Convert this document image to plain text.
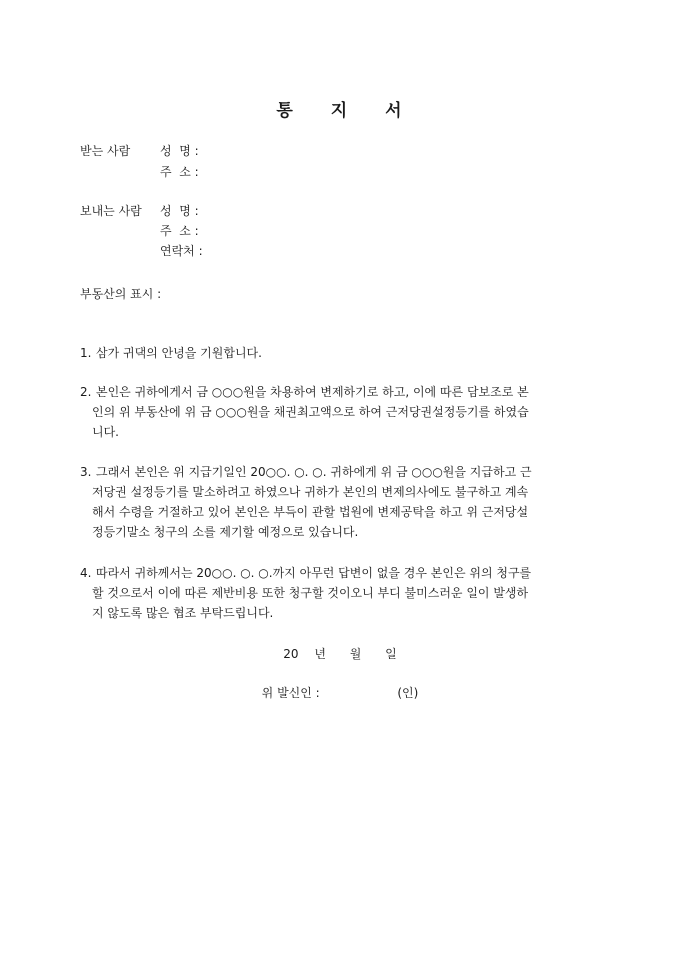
통 지 서
받는 사람 성  명 :
주  소 :
보내는 사람 성  명 :
주  소 :
연락처 :
부동산의 표시 :
1. 삼가 귀댁의 안녕을 기원합니다.
2. 본인은 귀하에게서 금 ○○○원을 차용하여 변제하기로 하고, 이에 따른 담보조로 본
인의 위 부동산에 위 금 ○○○원을 채권최고액으로 하여 근저당권설정등기를 하였습
니다.
3. 그래서 본인은 위 지급기일인 20○○. ○. ○. 귀하에게 위 금 ○○○원을 지급하고 근
저당권 설정등기를 말소하려고 하였으나 귀하가 본인의 변제의사에도 불구하고 계속
해서 수령을 거절하고 있어 본인은 부득이 관할 법원에 변제공탁을 하고 위 근저당설
정등기말소 청구의 소를 제기할 예정으로 있습니다.
4. 따라서 귀하께서는 20○○. ○. ○.까지 아무런 답변이 없을 경우 본인은 위의 청구를
할 것으로서 이에 따른 제반비용 또한 청구할 것이오니 부디 불미스러운 일이 발생하
지 않도록 많은 협조 부탁드립니다.
20 년 월 일
위 발신인 :	(인)
